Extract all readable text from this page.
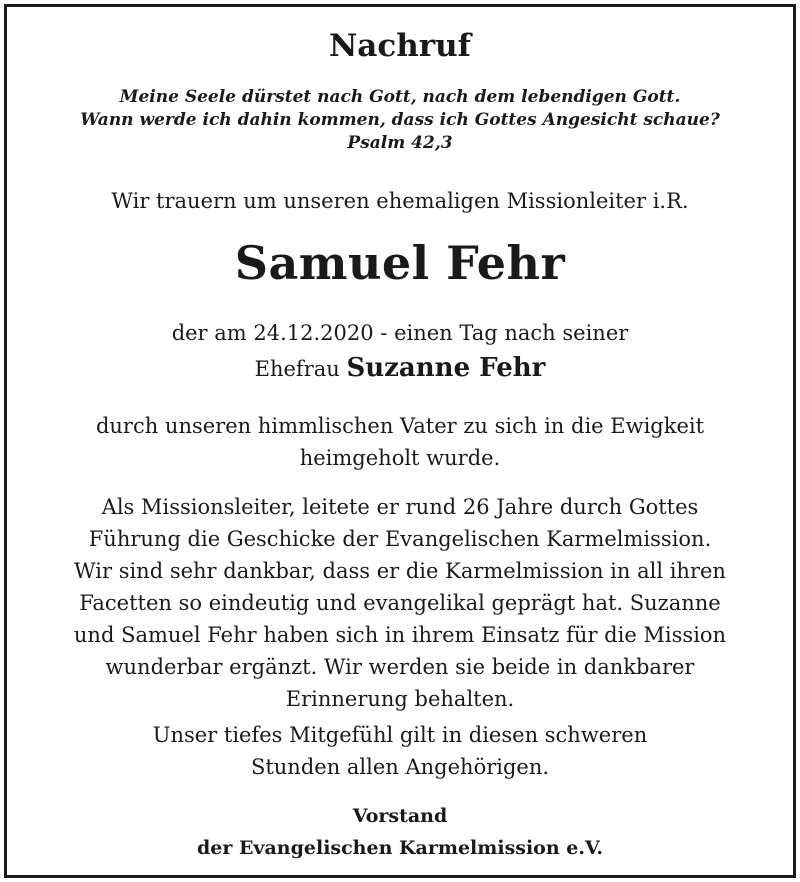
Nachruf
Meine Seele dürstet nach Gott, nach dem lebendigen Gott.
Wann werde ich dahin kommen, dass ich Gottes Angesicht schaue?
Psalm 42,3
Wir trauern um unseren ehemaligen Missionleiter i.R.
Samuel Fehr
der am 24.12.2020 - einen Tag nach seiner
Ehefrau Suzanne Fehr
durch unseren himmlischen Vater zu sich in die Ewigkeit
heimgeholt wurde.
Als Missionsleiter, leitete er rund 26 Jahre durch Gottes
Führung die Geschicke der Evangelischen Karmelmission.
Wir sind sehr dankbar, dass er die Karmelmission in all ihren
Facetten so eindeutig und evangelikal geprägt hat. Suzanne
und Samuel Fehr haben sich in ihrem Einsatz für die Mission
wunderbar ergänzt. Wir werden sie beide in dankbarer
Erinnerung behalten.
Unser tiefes Mitgefühl gilt in diesen schweren
Stunden allen Angehörigen.
Vorstand
der Evangelischen Karmelmission e.V.
